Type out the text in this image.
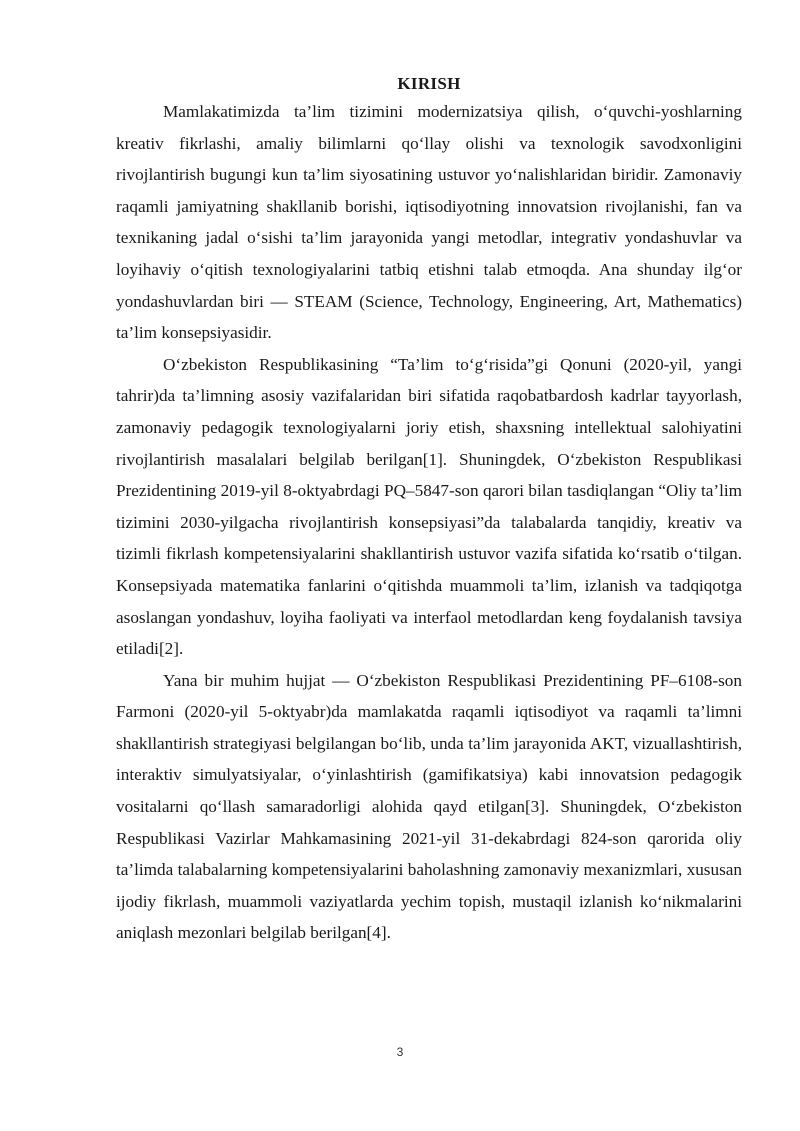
KIRISH

Mamlakatimizda ta’lim tizimini modernizatsiya qilish, o‘quvchi-yoshlarning kreativ fikrlashi, amaliy bilimlarni qo‘llay olishi va texnologik savodxonligini rivojlantirish bugungi kun ta’lim siyosatining ustuvor yo‘nalishlaridan biridir. Zamonaviy raqamli jamiyatning shakllanib borishi, iqtisodiyotning innovatsion rivojlanishi, fan va texnikaning jadal o‘sishi ta’lim jarayonida yangi metodlar, integrativ yondashuvlar va loyihaviy o‘qitish texnologiyalarini tatbiq etishni talab etmoqda. Ana shunday ilg‘or yondashuvlardan biri — STEAM (Science, Technology, Engineering, Art, Mathematics) ta’lim konsepsiyasidir.

O‘zbekiston Respublikasining “Ta’lim to‘g‘risida”gi Qonuni (2020-yil, yangi tahrir)da ta’limning asosiy vazifalaridan biri sifatida raqobatbardosh kadrlar tayyorlash, zamonaviy pedagogik texnologiyalarni joriy etish, shaxsning intellektual salohiyatini rivojlantirish masalalari belgilab berilgan[1]. Shuningdek, O‘zbekiston Respublikasi Prezidentining 2019-yil 8-oktyabrdagi PQ–5847-son qarori bilan tasdiqlangan “Oliy ta’lim tizimini 2030-yilgacha rivojlantirish konsepsiyasi”da talabalarda tanqidiy, kreativ va tizimli fikrlash kompetensiyalarini shakllantirish ustuvor vazifa sifatida ko‘rsatib o‘tilgan. Konsepsiyada matematika fanlarini o‘qitishda muammoli ta’lim, izlanish va tadqiqotga asoslangan yondashuv, loyiha faoliyati va interfaol metodlardan keng foydalanish tavsiya etiladi[2].

Yana bir muhim hujjat — O‘zbekiston Respublikasi Prezidentining PF–6108-son Farmoni (2020-yil 5-oktyabr)da mamlakatda raqamli iqtisodiyot va raqamli ta’limni shakllantirish strategiyasi belgilangan bo‘lib, unda ta’lim jarayonida AKT, vizuallashtirish, interaktiv simulyatsiyalar, o‘yinlashtirish (gamifikatsiya) kabi innovatsion pedagogik vositalarni qo‘llash samaradorligi alohida qayd etilgan[3]. Shuningdek, O‘zbekiston Respublikasi Vazirlar Mahkamasining 2021-yil 31-dekabrdagi 824-son qarorida oliy ta’limda talabalarning kompetensiyalarini baholashning zamonaviy mexanizmlari, xususan ijodiy fikrlash, muammoli vaziyatlarda yechim topish, mustaqil izlanish ko‘nikmalarini aniqlash mezonlari belgilab berilgan[4].

3
